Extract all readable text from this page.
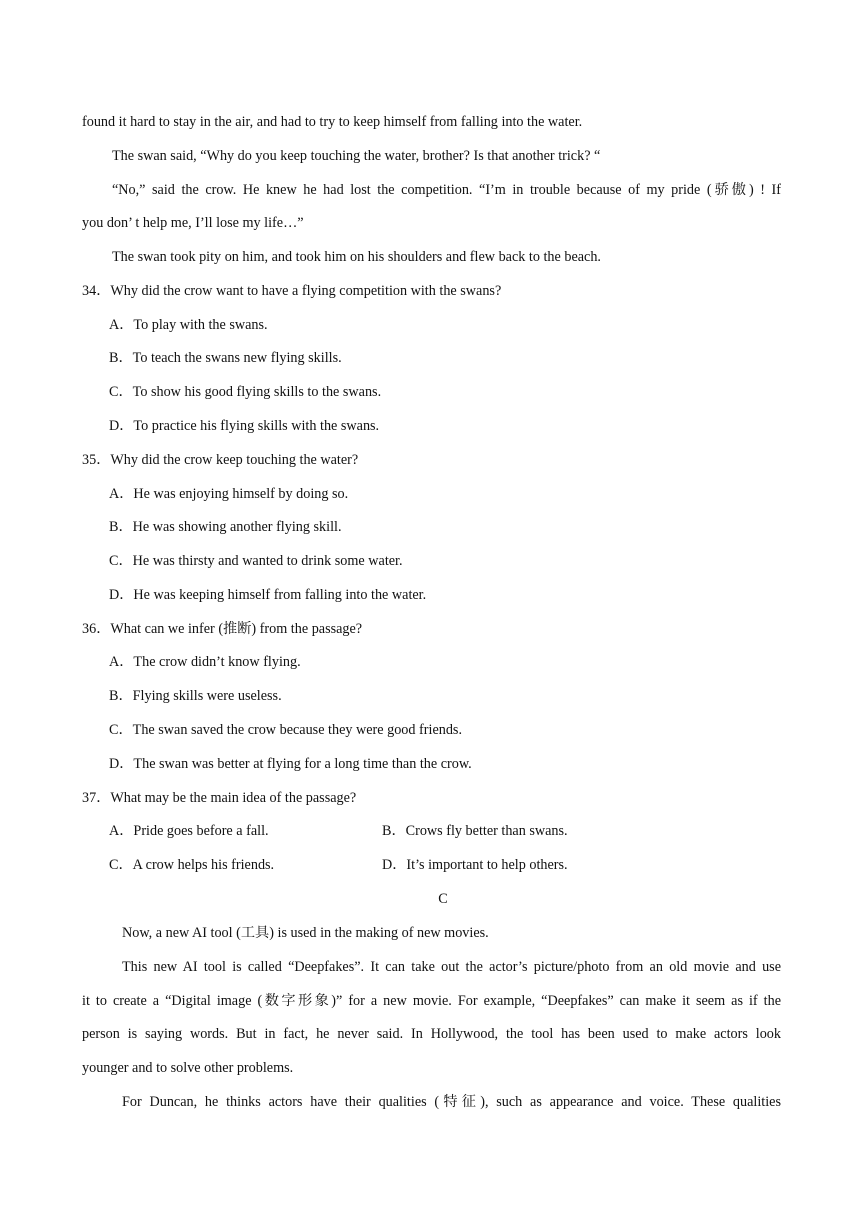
found it hard to stay in the air, and had to try to keep himself from falling into the water.
The swan said, “Why do you keep touching the water, brother? Is that another trick? “
“No,” said the crow. He knew he had lost the competition. “I’m in trouble because of my pride (骄傲) ! If
you don’ t help me, I’ll lose my life…”
The swan took pity on him, and took him on his shoulders and flew back to the beach.
34．Why did the crow want to have a flying competition with the swans?
A．To play with the swans.
B．To teach the swans new flying skills.
C．To show his good flying skills to the swans.
D．To practice his flying skills with the swans.
35．Why did the crow keep touching the water?
A．He was enjoying himself by doing so.
B．He was showing another flying skill.
C．He was thirsty and wanted to drink some water.
D．He was keeping himself from falling into the water.
36．What can we infer (推断) from the passage?
A．The crow didn’t know flying.
B．Flying skills were useless.
C．The swan saved the crow because they were good friends.
D．The swan was better at flying for a long time than the crow.
37．What may be the main idea of the passage?
A．Pride goes before a fall.	B．Crows fly better than swans.
C．A crow helps his friends.	D．It’s important to help others.
C
Now, a new AI tool (工具) is used in the making of new movies.
This new AI tool is called “Deepfakes”. It can take out the actor’s picture/photo from an old movie and use
it to create a “Digital image (数字形象)” for a new movie. For example, “Deepfakes” can make it seem as if the
person is saying words. But in fact, he never said. In Hollywood, the tool has been used to make actors look
younger and to solve other problems.
For Duncan, he thinks actors have their qualities (特征), such as appearance and voice. These qualities
